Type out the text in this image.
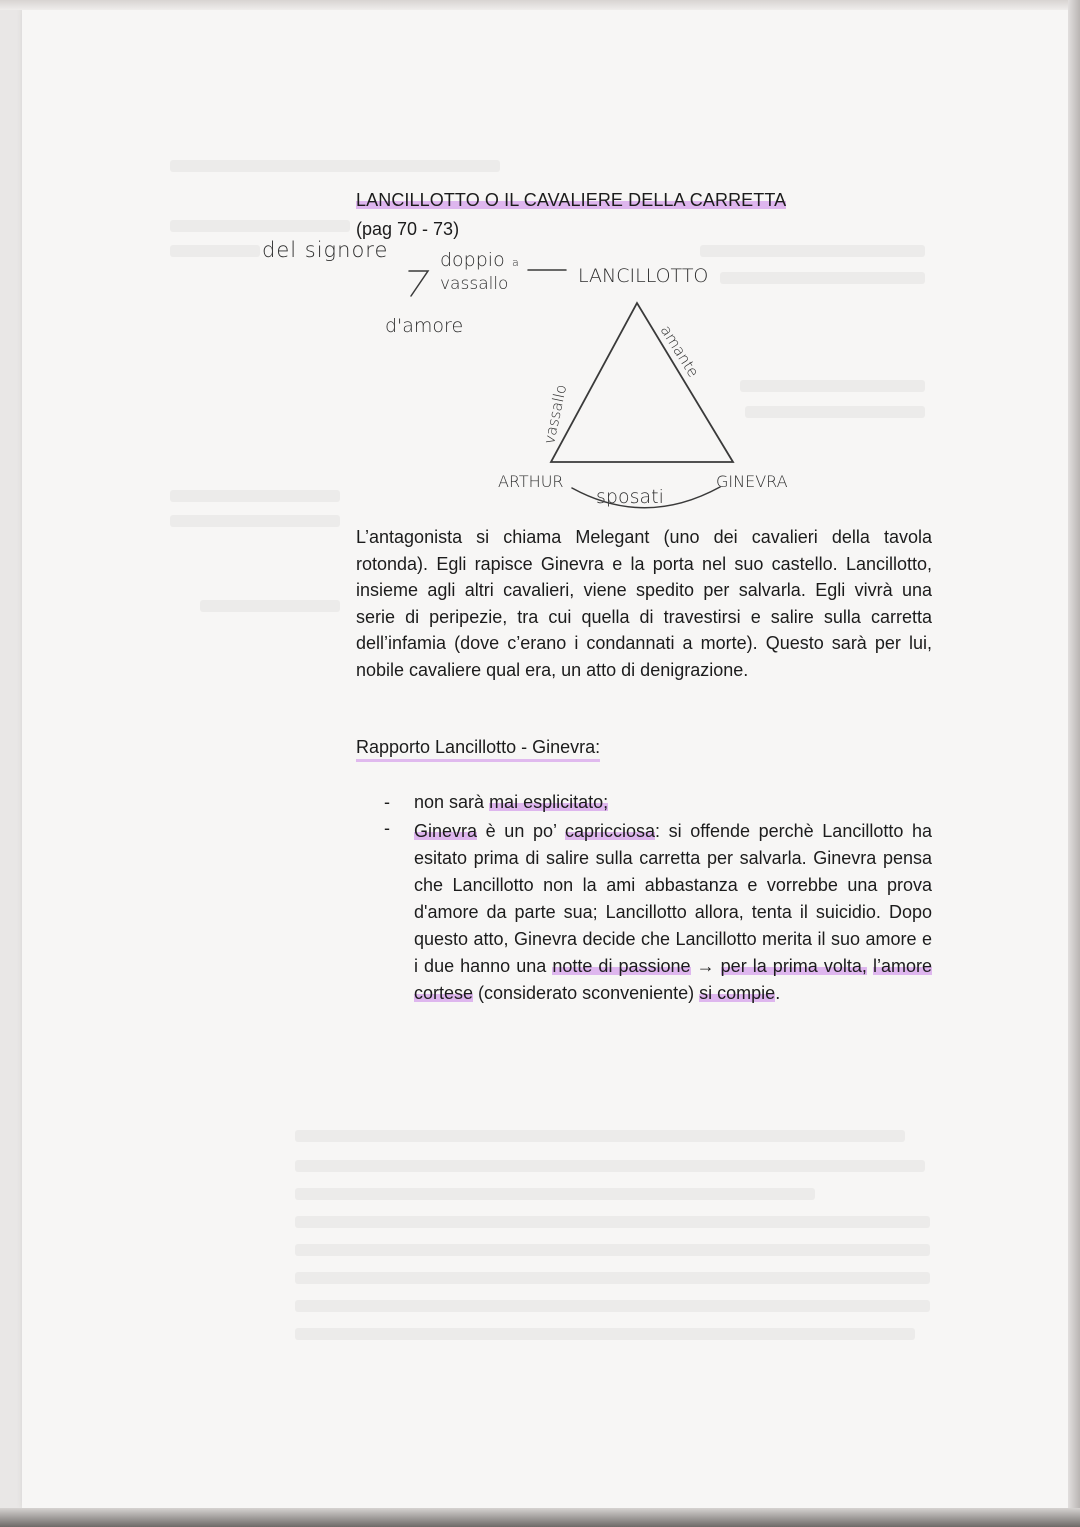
LANCILLOTTO O IL CAVALIERE DELLA CARRETTA
(pag 70 - 73)
del signore	doppio a
vassallo
d'amore
LANCILLOTTO
vassallo
amante
ARTHUR	GINEVRA
sposati
L’antagonista si chiama Melegant (uno dei cavalieri della tavola rotonda). Egli rapisce Ginevra e la porta nel suo castello. Lancillotto, insieme agli altri cavalieri, viene spedito per salvarla. Egli vivrà una serie di peripezie, tra cui quella di travestirsi e salire sulla carretta dell’infamia (dove c’erano i condannati a morte). Questo sarà per lui, nobile cavaliere qual era, un atto di denigrazione.
Rapporto Lancillotto - Ginevra:
- non sarà mai esplicitato;
- Ginevra è un po’ capricciosa: si offende perchè Lancillotto ha esitato prima di salire sulla carretta per salvarla. Ginevra pensa che Lancillotto non la ami abbastanza e vorrebbe una prova d'amore da parte sua; Lancillotto allora, tenta il suicidio. Dopo questo atto, Ginevra decide che Lancillotto merita il suo amore e i due hanno una notte di passione → per la prima volta, l’amore cortese (considerato sconveniente) si compie.
